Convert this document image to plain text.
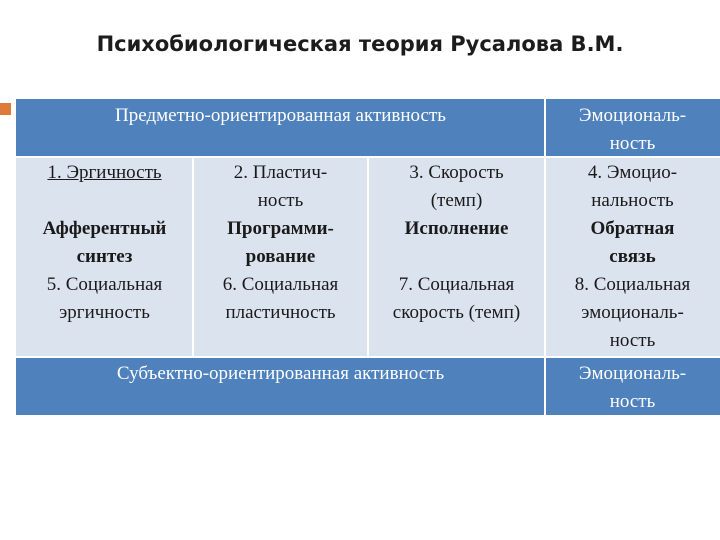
Психобиологическая теория Русалова В.М.
Предметно-ориентированная активность	Эмоциональ-
ность
1. Эргичность
Афферентный
синтез
5. Социальная
эргичность
2. Пластич-
ность
Программи-
рование
6. Социальная
пластичность
3. Скорость
(темп)
Исполнение
7. Социальная
скорость (темп)
4. Эмоцио-
нальность
Обратная
связь
8. Социальная
эмоциональ-
ность
Субъектно-ориентированная активность	Эмоциональ-
ность
